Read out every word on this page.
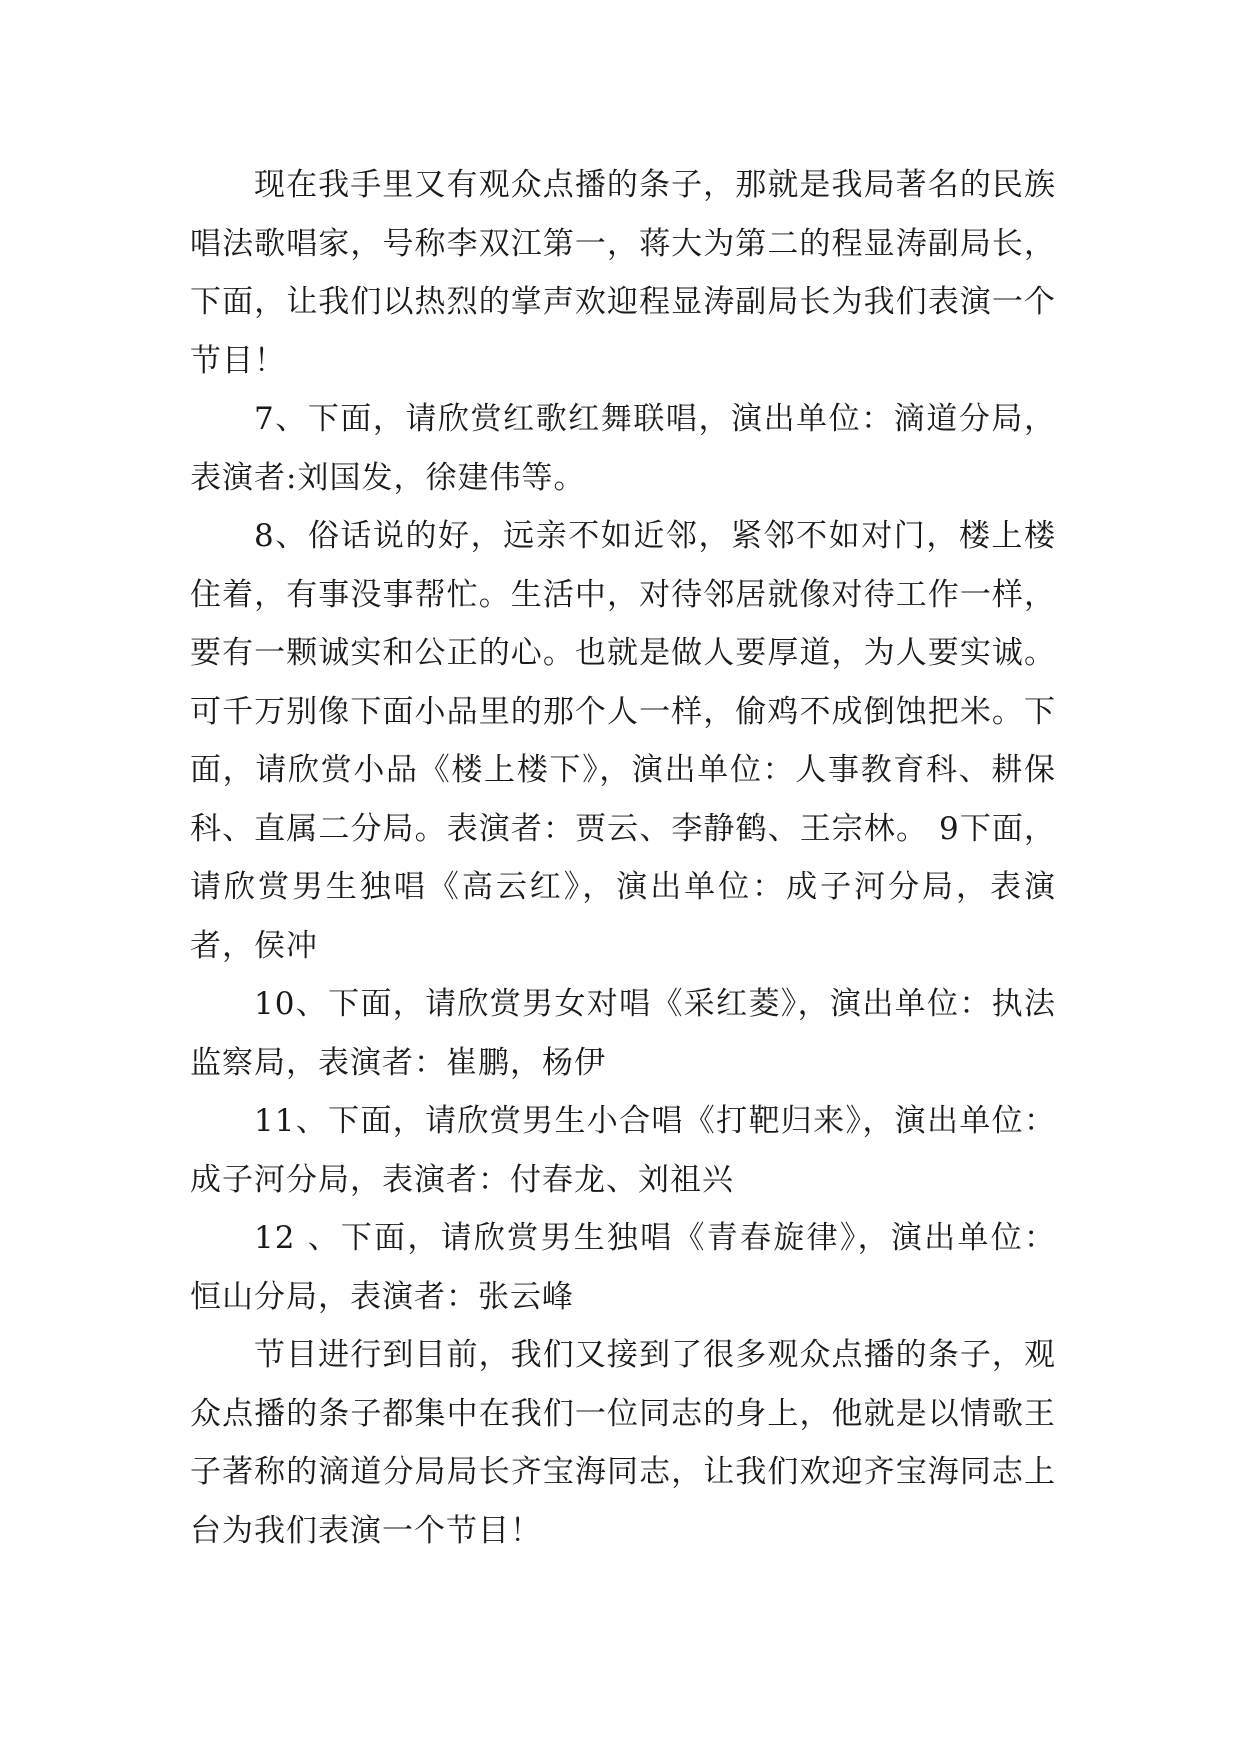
现在我手里又有观众点播的条子，那就是我局著名的民族唱法歌唱家，号称李双江第一，蒋大为第二的程显涛副局长，下面，让我们以热烈的掌声欢迎程显涛副局长为我们表演一个节目！

7、下面，请欣赏红歌红舞联唱，演出单位：滴道分局，表演者:刘国发，徐建伟等。

8、俗话说的好，远亲不如近邻，紧邻不如对门，楼上楼住着，有事没事帮忙。生活中，对待邻居就像对待工作一样，要有一颗诚实和公正的心。也就是做人要厚道，为人要实诚。可千万别像下面小品里的那个人一样，偷鸡不成倒蚀把米。下面，请欣赏小品《楼上楼下》，演出单位：人事教育科、耕保科、直属二分局。表演者：贾云、李静鹤、王宗林。 9下面，请欣赏男生独唱《高云红》，演出单位：成子河分局，表演者，侯冲

10、下面，请欣赏男女对唱《采红菱》，演出单位：执法监察局，表演者：崔鹏，杨伊

11、下面，请欣赏男生小合唱《打靶归来》，演出单位：成子河分局，表演者：付春龙、刘祖兴

12 、下面，请欣赏男生独唱《青春旋律》，演出单位：恒山分局，表演者：张云峰

节目进行到目前，我们又接到了很多观众点播的条子，观众点播的条子都集中在我们一位同志的身上，他就是以情歌王子著称的滴道分局局长齐宝海同志，让我们欢迎齐宝海同志上台为我们表演一个节目！
